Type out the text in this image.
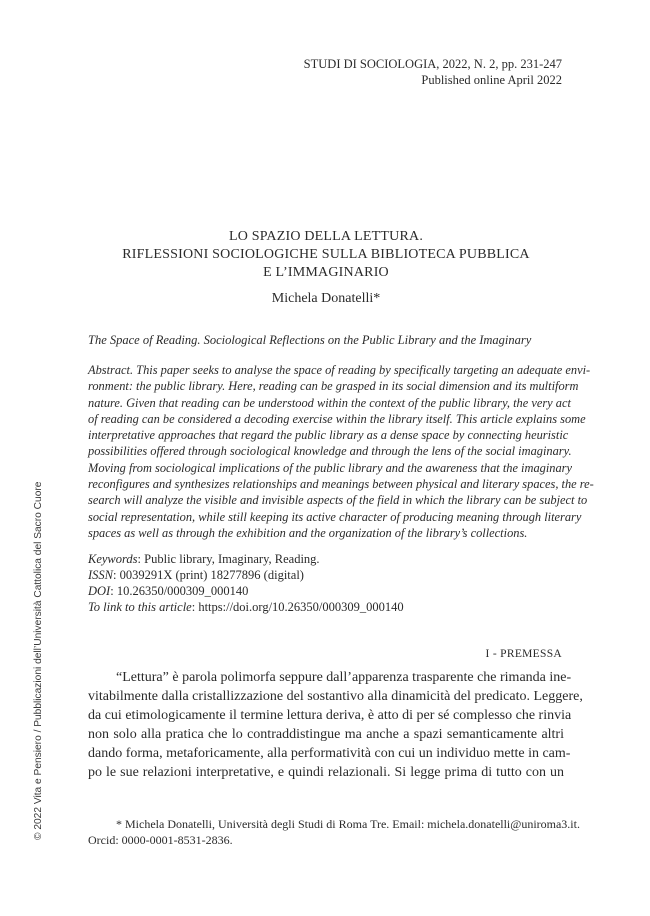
STUDI DI SOCIOLOGIA, 2022, N. 2, pp. 231-247
Published online April 2022
LO SPAZIO DELLA LETTURA.
RIFLESSIONI SOCIOLOGICHE SULLA BIBLIOTECA PUBBLICA
E L’IMMAGINARIO
Michela Donatelli*
The Space of Reading. Sociological Reflections on the Public Library and the Imaginary
Abstract. This paper seeks to analyse the space of reading by specifically targeting an adequate envi-
ronment: the public library. Here, reading can be grasped in its social dimension and its multiform
nature. Given that reading can be understood within the context of the public library, the very act
of reading can be considered a decoding exercise within the library itself. This article explains some
interpretative approaches that regard the public library as a dense space by connecting heuristic
possibilities offered through sociological knowledge and through the lens of the social imaginary.
Moving from sociological implications of the public library and the awareness that the imaginary
reconfigures and synthesizes relationships and meanings between physical and literary spaces, the re-
search will analyze the visible and invisible aspects of the field in which the library can be subject to
social representation, while still keeping its active character of producing meaning through literary
spaces as well as through the exhibition and the organization of the library’s collections.
Keywords: Public library, Imaginary, Reading.
ISSN: 0039291X (print) 18277896 (digital)
DOI: 10.26350/000309_000140
To link to this article: https://doi.org/10.26350/000309_000140
I - PREMESSA
“Lettura” è parola polimorfa seppure dall’apparenza trasparente che rimanda ine-
vitabilmente dalla cristallizzazione del sostantivo alla dinamicità del predicato. Leggere,
da cui etimologicamente il termine lettura deriva, è atto di per sé complesso che rinvia
non solo alla pratica che lo contraddistingue ma anche a spazi semanticamente altri
dando forma, metaforicamente, alla performatività con cui un individuo mette in cam-
po le sue relazioni interpretative, e quindi relazionali. Si legge prima di tutto con un
* Michela Donatelli, Università degli Studi di Roma Tre. Email: michela.donatelli@uniroma3.it.
Orcid: 0000-0001-8531-2836.
© 2022 Vita e Pensiero / Pubblicazioni dell’Università Cattolica del Sacro Cuore
